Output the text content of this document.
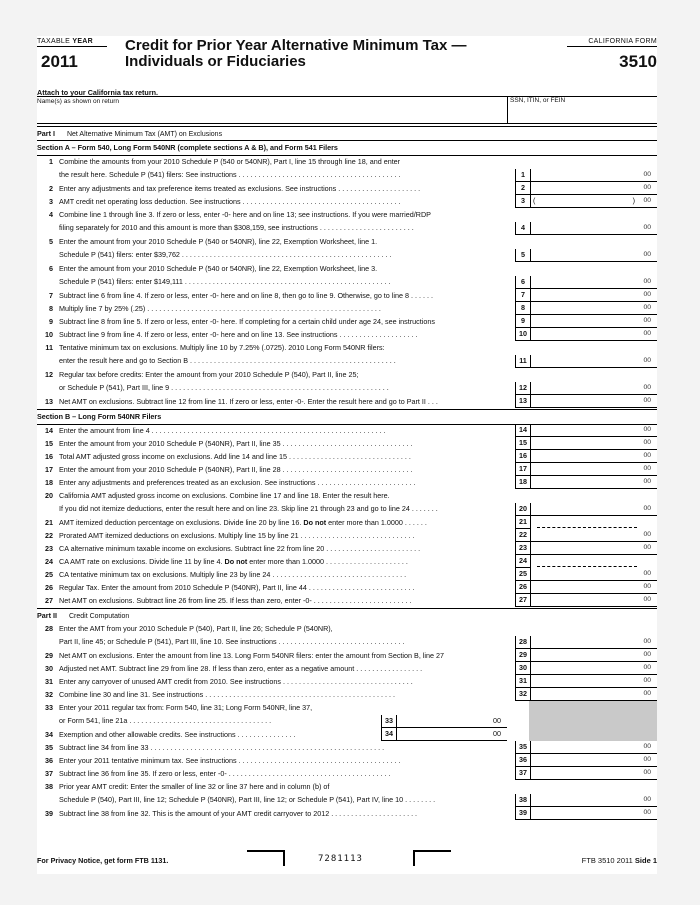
TAXABLE YEAR
2011
Credit for Prior Year Alternative Minimum Tax —
Individuals or Fiduciaries
CALIFORNIA FORM
3510
Attach to your California tax return.
Name(s) as shown on return	SSN, ITIN, or FEIN
Part I Net Alternative Minimum Tax (AMT) on Exclusions
Section A – Form 540, Long Form 540NR (complete sections A & B), and Form 541 Filers
1 Combine the amounts from your 2010 Schedule P (540 or 540NR), Part I, line 15 through line 18, and enter
the result here. Schedule P (541) filers: See instructions . . . . . . . . . . . . . . . . . . . . . . . . . . . . . . . . . . . . . . . . .	1	00
2 Enter any adjustments and tax preference items treated as exclusions. See instructions . . . . . . . . . . . . . . . . . . . . .	2	00
3 AMT credit net operating loss deduction. See instructions . . . . . . . . . . . . . . . . . . . . . . . . . . . . . . . . . . . . . . . .	3	00
(	)
4 Combine line 1 through line 3. If zero or less, enter -0- here and on line 13; see instructions. If you were married/RDP
filing separately for 2010 and this amount is more than $308,159, see instructions . . . . . . . . . . . . . . . . . . . . . . . .	4	00
5 Enter the amount from your 2010 Schedule P (540 or 540NR), line 22, Exemption Worksheet, line 1.
Schedule P (541) filers: enter $39,762 . . . . . . . . . . . . . . . . . . . . . . . . . . . . . . . . . . . . . . . . . . . . . . . . . . . . .	5	00
6 Enter the amount from your 2010 Schedule P (540 or 540NR), line 22, Exemption Worksheet, line 3.
Schedule P (541) filers: enter $149,111 . . . . . . . . . . . . . . . . . . . . . . . . . . . . . . . . . . . . . . . . . . . . . . . . . . . .	6	00
7 Subtract line 6 from line 4. If zero or less, enter -0- here and on line 8, then go to line 9. Otherwise, go to line 8 . . . . . .	7	00
8 Multiply line 7 by 25% (.25) . . . . . . . . . . . . . . . . . . . . . . . . . . . . . . . . . . . . . . . . . . . . . . . . . . . . . . . . . . .	8	00
9 Subtract line 8 from line 5. If zero or less, enter -0- here. If completing for a certain child under age 24, see instructions	9	00
10 Subtract line 9 from line 4. If zero or less, enter -0- here and on line 13. See instructions . . . . . . . . . . . . . . . . . . . .	10	00
11 Tentative minimum tax on exclusions. Multiply line 10 by 7.25% (.0725). 2010 Long Form 540NR filers:
enter the result here and go to Section B . . . . . . . . . . . . . . . . . . . . . . . . . . . . . . . . . . . . . . . . . . . . . . . . . . . .	11	00
12 Regular tax before credits: Enter the amount from your 2010 Schedule P (540), Part II, line 25;
or Schedule P (541), Part III, line 9 . . . . . . . . . . . . . . . . . . . . . . . . . . . . . . . . . . . . . . . . . . . . . . . . . . . . . . .	12	00
13 Net AMT on exclusions. Subtract line 12 from line 11. If zero or less, enter -0-. Enter the result here and go to Part II . . .	13	00
Section B – Long Form 540NR Filers
14 Enter the amount from line 4 . . . . . . . . . . . . . . . . . . . . . . . . . . . . . . . . . . . . . . . . . . . . . . . . . . . . . . . . . . .	14	00
15 Enter the amount from your 2010 Schedule P (540NR), Part II, line 35 . . . . . . . . . . . . . . . . . . . . . . . . . . . . . . . . .	15	00
16 Total AMT adjusted gross income on exclusions. Add line 14 and line 15 . . . . . . . . . . . . . . . . . . . . . . . . . . . . . . .	16	00
17 Enter the amount from your 2010 Schedule P (540NR), Part II, line 28 . . . . . . . . . . . . . . . . . . . . . . . . . . . . . . . . .	17	00
18 Enter any adjustments and preferences treated as an exclusion. See instructions . . . . . . . . . . . . . . . . . . . . . . . . .	18	00
20 California AMT adjusted gross income on exclusions. Combine line 17 and line 18. Enter the result here.
If you did not itemize deductions, enter the result here and on line 23. Skip line 21 through 23 and go to line 24 . . . . . . .	20	00
21 AMT itemized deduction percentage on exclusions. Divide line 20 by line 16. Do not enter more than 1.0000 . . . . . .	21
22 Prorated AMT itemized deductions on exclusions. Multiply line 15 by line 21 . . . . . . . . . . . . . . . . . . . . . . . . . . . . .	22	00
23 CA alternative minimum taxable income on exclusions. Subtract line 22 from line 20 . . . . . . . . . . . . . . . . . . . . . . . .	23	00
24 CA AMT rate on exclusions. Divide line 11 by line 4. Do not enter more than 1.0000 . . . . . . . . . . . . . . . . . . . . .	24
25 CA tentative minimum tax on exclusions. Multiply line 23 by line 24 . . . . . . . . . . . . . . . . . . . . . . . . . . . . . . . . . .	25	00
26 Regular Tax. Enter the amount from 2010 Schedule P (540NR), Part II, line 44 . . . . . . . . . . . . . . . . . . . . . . . . . . .	26	00
27 Net AMT on exclusions. Subtract line 26 from line 25. If less than zero, enter -0- . . . . . . . . . . . . . . . . . . . . . . . . .	27	00
Part II Credit Computation
28 Enter the AMT from your 2010 Schedule P (540), Part II, line 26; Schedule P (540NR),
Part II, line 45; or Schedule P (541), Part III, line 10. See instructions . . . . . . . . . . . . . . . . . . . . . . . . . . . . . . . .	28	00
29 Net AMT on exclusions. Enter the amount from line 13. Long Form 540NR filers: enter the amount from Section B, line 27	29	00
30 Adjusted net AMT. Subtract line 29 from line 28. If less than zero, enter as a negative amount . . . . . . . . . . . . . . . . .	30	00
31 Enter any carryover of unused AMT credit from 2010. See instructions . . . . . . . . . . . . . . . . . . . . . . . . . . . . . . . . .	31	00
32 Combine line 30 and line 31. See instructions . . . . . . . . . . . . . . . . . . . . . . . . . . . . . . . . . . . . . . . . . . . . . . . .	32	00
33 Enter your 2011 regular tax from: Form 540, line 31; Long Form 540NR, line 37,
or Form 541, line 21a . . . . . . . . . . . . . . . . . . . . . . . . . . . . . . . . . . . .	33	00
34 Exemption and other allowable credits. See instructions . . . . . . . . . . . . . . .	34	00
35 Subtract line 34 from line 33 . . . . . . . . . . . . . . . . . . . . . . . . . . . . . . . . . . . . . . . . . . . . . . . . . . . . . . . . . . .	35	00
36 Enter your 2011 tentative minimum tax. See instructions . . . . . . . . . . . . . . . . . . . . . . . . . . . . . . . . . . . . . . . . .	36	00
37 Subtract line 36 from line 35. If zero or less, enter -0- . . . . . . . . . . . . . . . . . . . . . . . . . . . . . . . . . . . . . . . . .	37	00
38 Prior year AMT credit: Enter the smaller of line 32 or line 37 here and in column (b) of
Schedule P (540), Part III, line 12; Schedule P (540NR), Part III, line 12; or Schedule P (541), Part IV, line 10 . . . . . . . .	38	00
39 Subtract line 38 from line 32. This is the amount of your AMT credit carryover to 2012 . . . . . . . . . . . . . . . . . . . . . .	39	00
For Privacy Notice, get form FTB 1131.	7281113	FTB 3510 2011 Side 1
